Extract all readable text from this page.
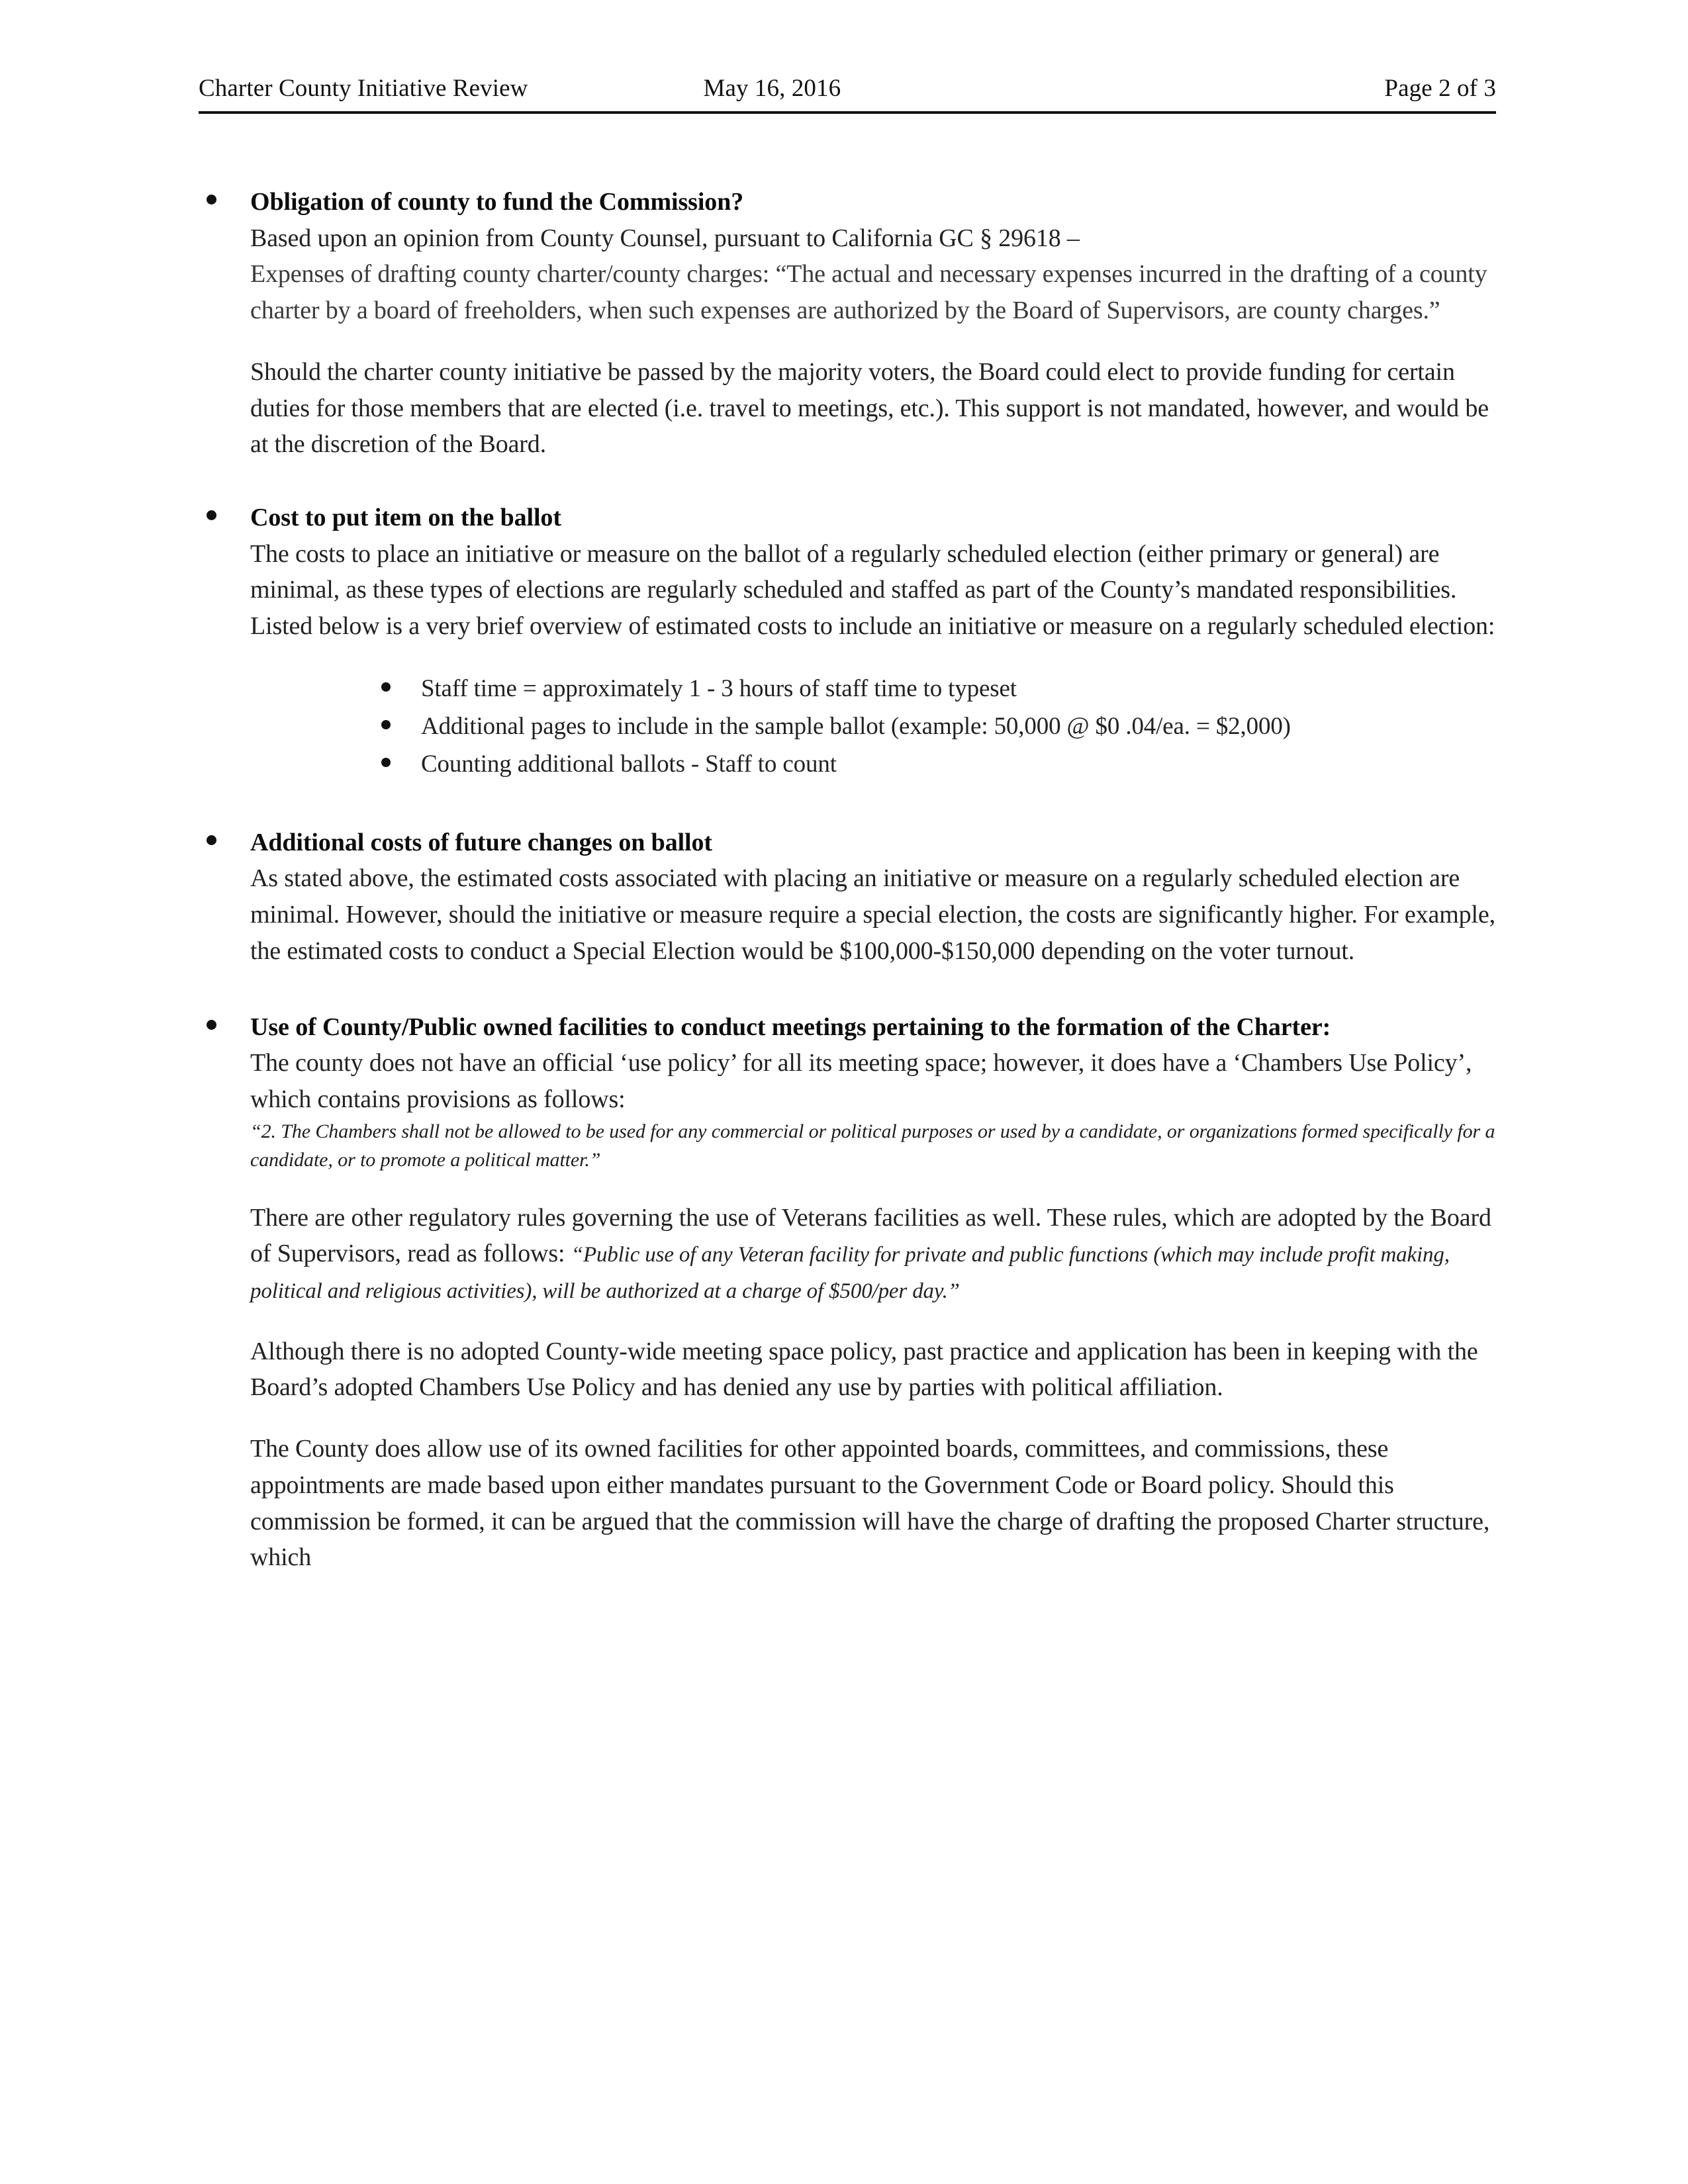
Charter County Initiative Review	May 16, 2016	Page 2 of 3
Obligation of county to fund the Commission?
Based upon an opinion from County Counsel, pursuant to California GC § 29618 –
Expenses of drafting county charter/county charges: “The actual and necessary expenses incurred in the drafting of a county charter by a board of freeholders, when such expenses are authorized by the Board of Supervisors, are county charges.”
Should the charter county initiative be passed by the majority voters, the Board could elect to provide funding for certain duties for those members that are elected (i.e. travel to meetings, etc.). This support is not mandated, however, and would be at the discretion of the Board.
Cost to put item on the ballot
The costs to place an initiative or measure on the ballot of a regularly scheduled election (either primary or general) are minimal, as these types of elections are regularly scheduled and staffed as part of the County’s mandated responsibilities. Listed below is a very brief overview of estimated costs to include an initiative or measure on a regularly scheduled election:
Staff time = approximately 1 - 3 hours of staff time to typeset
Additional pages to include in the sample ballot (example: 50,000 @ $0 .04/ea. = $2,000)
Counting additional ballots - Staff to count
Additional costs of future changes on ballot
As stated above, the estimated costs associated with placing an initiative or measure on a regularly scheduled election are minimal. However, should the initiative or measure require a special election, the costs are significantly higher. For example, the estimated costs to conduct a Special Election would be $100,000-$150,000 depending on the voter turnout.
Use of County/Public owned facilities to conduct meetings pertaining to the formation of the Charter:
The county does not have an official ‘use policy’ for all its meeting space; however, it does have a ‘Chambers Use Policy’, which contains provisions as follows:
“2. The Chambers shall not be allowed to be used for any commercial or political purposes or used by a candidate, or organizations formed specifically for a candidate, or to promote a political matter.”
There are other regulatory rules governing the use of Veterans facilities as well. These rules, which are adopted by the Board of Supervisors, read as follows: “Public use of any Veteran facility for private and public functions (which may include profit making, political and religious activities), will be authorized at a charge of $500/per day.”
Although there is no adopted County-wide meeting space policy, past practice and application has been in keeping with the Board’s adopted Chambers Use Policy and has denied any use by parties with political affiliation.
The County does allow use of its owned facilities for other appointed boards, committees, and commissions, these appointments are made based upon either mandates pursuant to the Government Code or Board policy. Should this commission be formed, it can be argued that the commission will have the charge of drafting the proposed Charter structure, which
